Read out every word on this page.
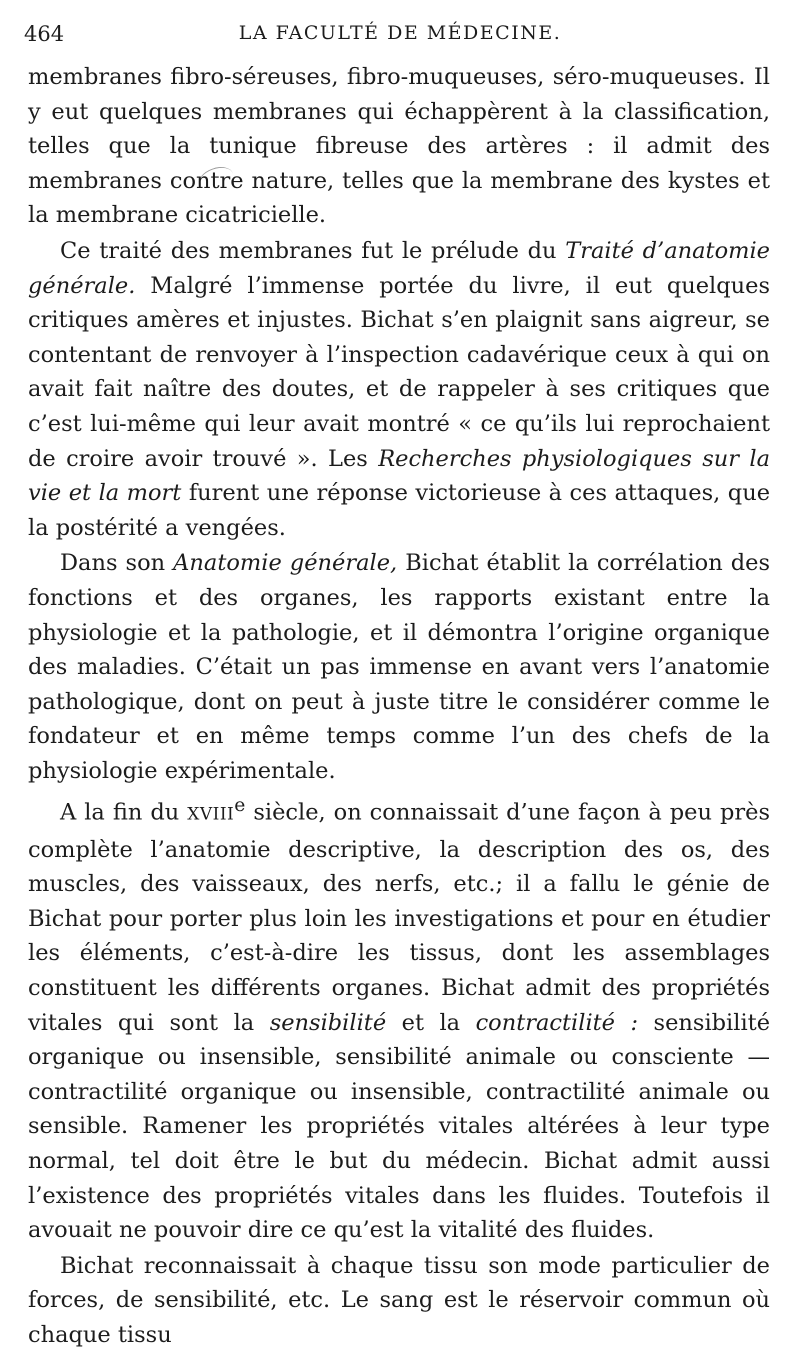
464	LA FACULTÉ DE MÉDECINE.

membranes fibro-séreuses, fibro-muqueuses, séro-muqueuses. Il y eut quelques membranes qui échappèrent à la classification, telles que la tunique fibreuse des artères : il admit des membranes contre nature, telles que la membrane des kystes et la membrane cicatricielle.

Ce traité des membranes fut le prélude du Traité d’anatomie générale. Malgré l’immense portée du livre, il eut quelques critiques amères et injustes. Bichat s’en plaignit sans aigreur, se contentant de renvoyer à l’inspection cadavérique ceux à qui on avait fait naître des doutes, et de rappeler à ses critiques que c’est lui-même qui leur avait montré « ce qu’ils lui reprochaient de croire avoir trouvé ». Les Recherches physiologiques sur la vie et la mort furent une réponse victorieuse à ces attaques, que la postérité a vengées.

Dans son Anatomie générale, Bichat établit la corrélation des fonctions et des organes, les rapports existant entre la physiologie et la pathologie, et il démontra l’origine organique des maladies. C’était un pas immense en avant vers l’anatomie pathologique, dont on peut à juste titre le considérer comme le fondateur et en même temps comme l’un des chefs de la physiologie expérimentale.

A la fin du XVIIIe siècle, on connaissait d’une façon à peu près complète l’anatomie descriptive, la description des os, des muscles, des vaisseaux, des nerfs, etc.; il a fallu le génie de Bichat pour porter plus loin les investigations et pour en étudier les éléments, c’est-à-dire les tissus, dont les assemblages constituent les différents organes. Bichat admit des propriétés vitales qui sont la sensibilité et la contractilité : sensibilité organique ou insensible, sensibilité animale ou consciente — contractilité organique ou insensible, contractilité animale ou sensible. Ramener les propriétés vitales altérées à leur type normal, tel doit être le but du médecin. Bichat admit aussi l’existence des propriétés vitales dans les fluides. Toutefois il avouait ne pouvoir dire ce qu’est la vitalité des fluides.

Bichat reconnaissait à chaque tissu son mode particulier de forces, de sensibilité, etc. Le sang est le réservoir commun où chaque tissu
